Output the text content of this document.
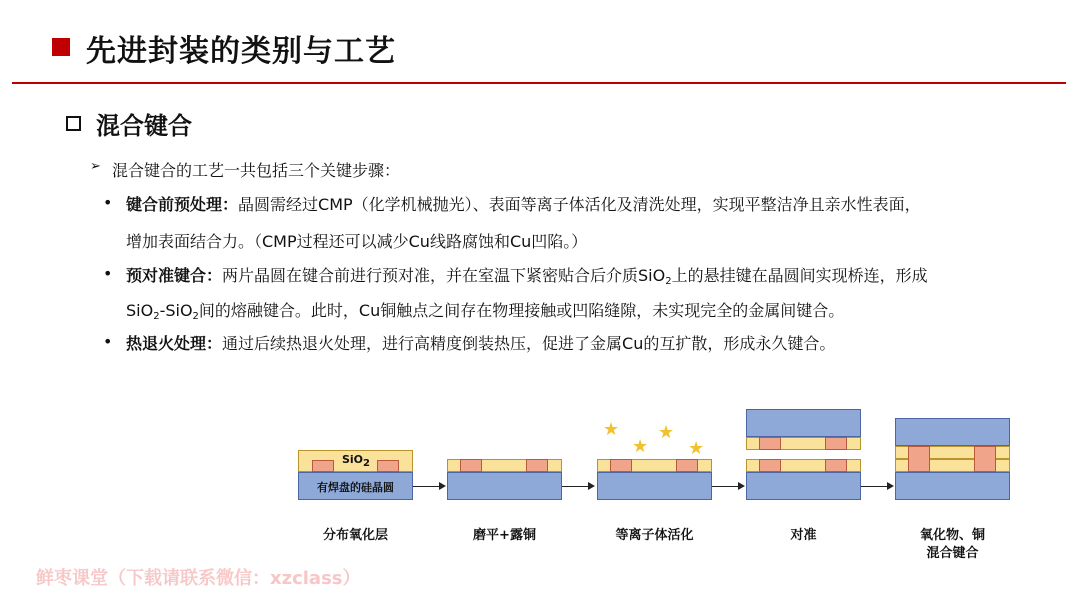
先进封装的类别与工艺
混合键合
➢ 混合键合的工艺一共包括三个关键步骤：
• 键合前预处理：晶圆需经过CMP（化学机械抛光）、表面等离子体活化及清洗处理，实现平整洁净且亲水性表面，
增加表面结合力。（CMP过程还可以减少Cu线路腐蚀和Cu凹陷。）
• 预对准键合：两片晶圆在键合前进行预对准，并在室温下紧密贴合后介质SiO$_2$上的悬挂键在晶圆间实现桥连，形成
SiO$_2$-SiO$_2$间的熔融键合。此时，Cu铜触点之间存在物理接触或凹陷缝隙，未实现完全的金属间键合。
• 热退火处理：通过后续热退火处理，进行高精度倒装热压，促进了金属Cu的互扩散，形成永久键合。
SiO$_2$
有焊盘的硅晶圆
★
★
★
★
分布氧化层	磨平+露铜	等离子体活化	对准	氧化物、铜
混合键合
鲜枣课堂（下载请联系微信：xzclass）
